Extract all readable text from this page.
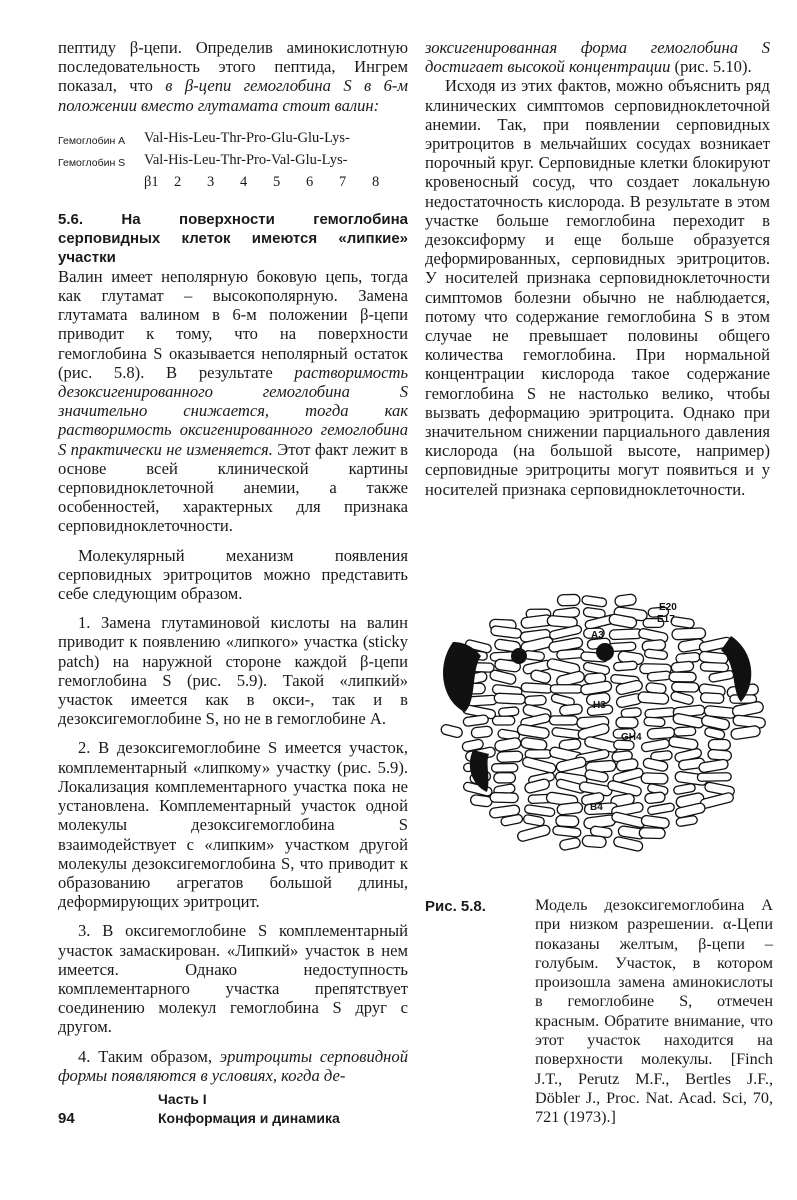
пептиду β-цепи. Определив аминокислотную последовательность этого пептида, Ингрем показал, что в β-цепи гемоглобина S в 6-м положении вместо глутамата стоит валин:

Гемоглобин A	Val-His-Leu-Thr-Pro-Glu-Glu-Lys-
Гемоглобин S	Val-His-Leu-Thr-Pro-Val-Glu-Lys-
β1	2	3	4	5	6	7	8

5.6. На поверхности гемоглобина серповидных клеток имеются «липкие» участки

Валин имеет неполярную боковую цепь, тогда как глутамат – высокополярную. Замена глутамата валином в 6-м положении β-цепи приводит к тому, что на поверхности гемоглобина S оказывается неполярный остаток (рис. 5.8). В результате растворимость дезоксигенированного гемоглобина S значительно снижается, тогда как растворимость оксигенированного гемоглобина S практически не изменяется. Этот факт лежит в основе всей клинической картины серповидноклеточной анемии, а также особенностей, характерных для признака серповидноклеточности.

Молекулярный механизм появления серповидных эритроцитов можно представить себе следующим образом.

1. Замена глутаминовой кислоты на валин приводит к появлению «липкого» участка (sticky patch) на наружной стороне каждой β-цепи гемоглобина S (рис. 5.9). Такой «липкий» участок имеется как в окси-, так и в дезоксигемоглобине S, но не в гемоглобине A.

2. В дезоксигемоглобине S имеется участок, комплементарный «липкому» участку (рис. 5.9). Локализация комплементарного участка пока не установлена. Комплементарный участок одной молекулы дезоксигемоглобина S взаимодействует с «липким» участком другой молекулы дезоксигемоглобина S, что приводит к образованию агрегатов большой длины, деформирующих эритроцит.

3. В оксигемоглобине S комплементарный участок замаскирован. «Липкий» участок в нем имеется. Однако недоступность комплементарного участка препятствует соединению молекул гемоглобина S друг с другом.

4. Таким образом, эритроциты серповидной формы появляются в условиях, когда де-

зоксигенированная форма гемоглобина S достигает высокой концентрации (рис. 5.10).

Исходя из этих фактов, можно объяснить ряд клинических симптомов серповидноклеточной анемии. Так, при появлении серповидных эритроцитов в мельчайших сосудах возникает порочный круг. Серповидные клетки блокируют кровеносный сосуд, что создает локальную недостаточность кислорода. В результате в этом участке больше гемоглобина переходит в дезоксиформу и еще больше образуется деформированных, серповидных эритроцитов. У носителей признака серповидноклеточности симптомов болезни обычно не наблюдается, потому что содержание гемоглобина S в этом случае не превышает половины общего количества гемоглобина. При нормальной концентрации кислорода такое содержание гемоглобина S не настолько велико, чтобы вызвать деформацию эритроцита. Однако при значительном снижении парциального давления кислорода (на большой высоте, например) серповидные эритроциты могут появиться и у носителей признака серповидноклеточности.

E20
E17
A3
H3
GH4
B4
Рис. 5.8.	Модель дезоксигемоглобина A при низком разрешении. α-Цепи показаны желтым, β-цепи – голубым. Участок, в котором произошла замена аминокислоты в гемоглобине S, отмечен красным. Обратите внимание, что этот участок находится на поверхности молекулы. [Finch J.T., Perutz M.F., Bertles J.F., Döbler J., Proc. Nat. Acad. Sci, 70, 721 (1973).]
94
Часть I
Конформация и динамика
